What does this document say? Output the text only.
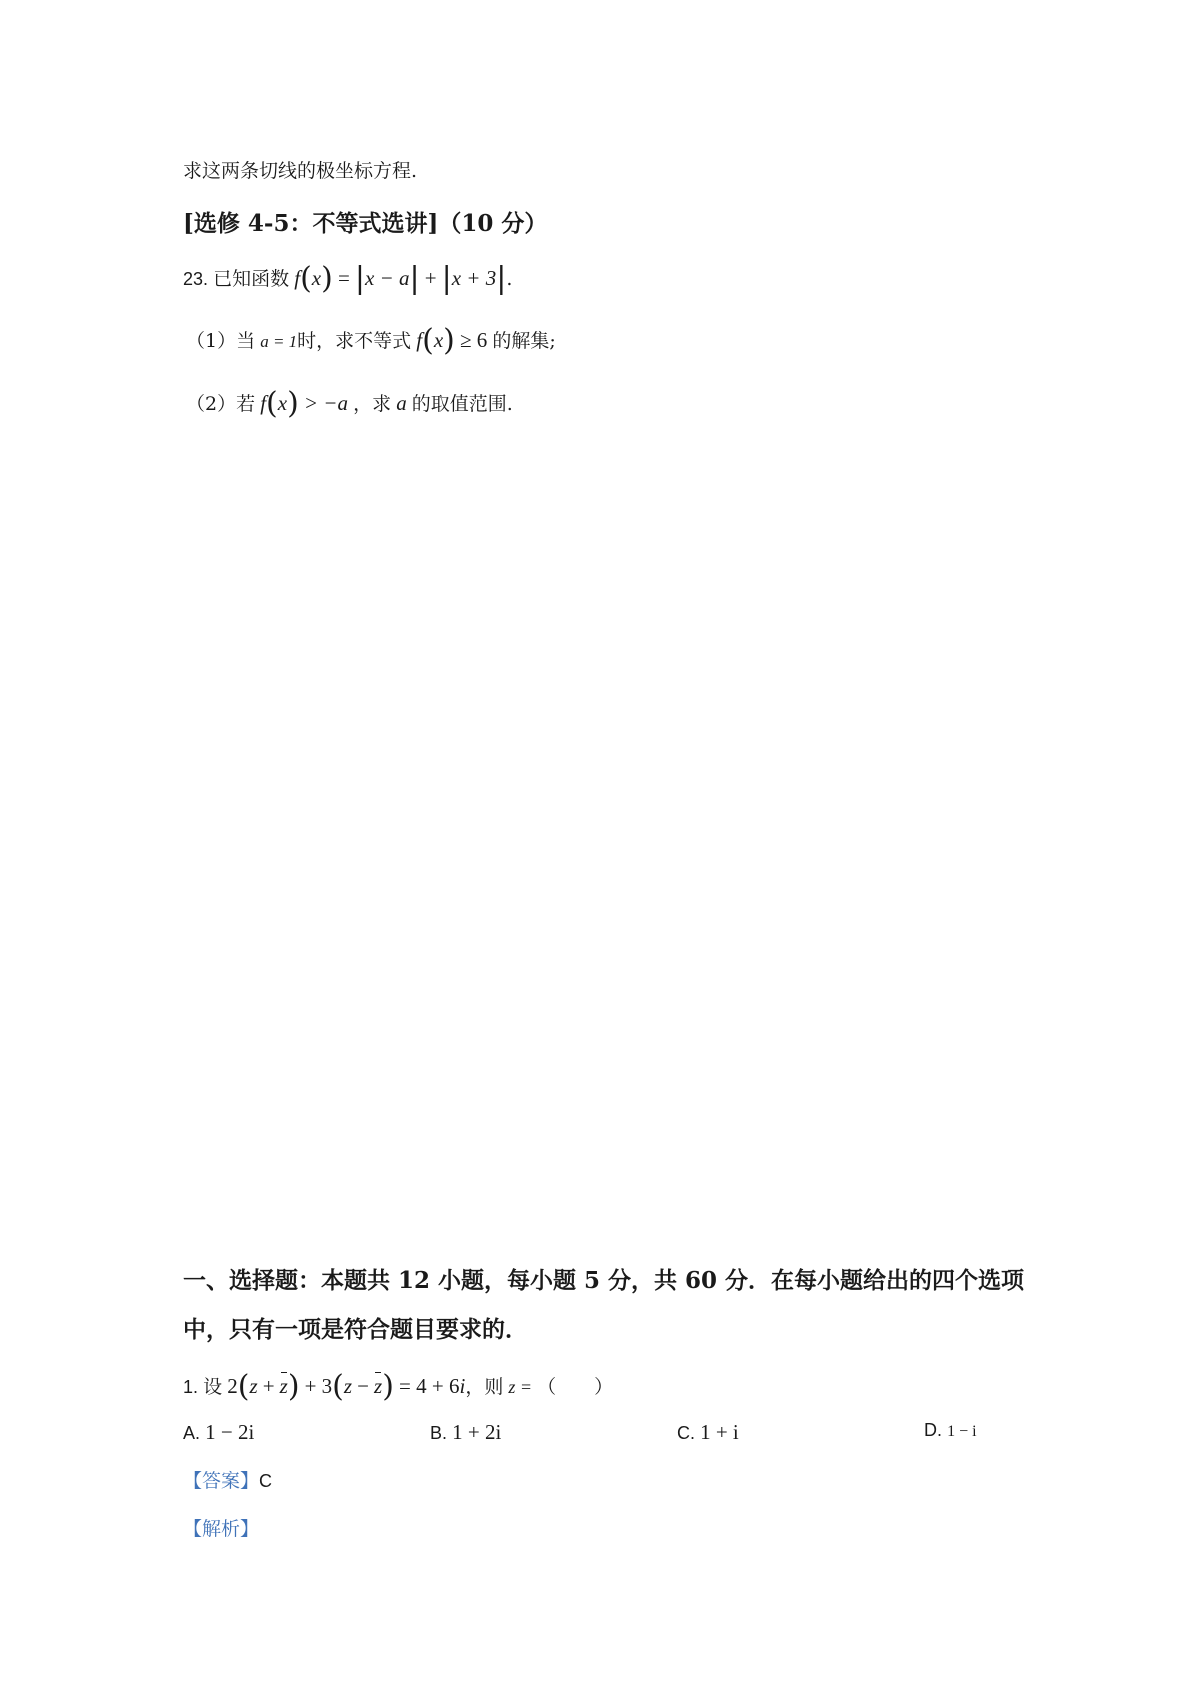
求这两条切线的极坐标方程.
[选修 4-5：不等式选讲]（10 分）
23. 已知函数 f(x) = |x − a| + |x + 3|.
（1）当 a = 1时，求不等式 f(x) ≥ 6 的解集;
（2）若 f(x) > −a ，求 a 的取值范围.
一、选择题：本题共 12 小题，每小题 5 分，共 60 分．在每小题给出的四个选项
中，只有一项是符合题目要求的．
1. 设 2(z + z) + 3(z − z) = 4 + 6i，则 z = （　　）
A. 1 − 2i	B. 1 + 2i	C. 1 + i	D. 1 − i
【答案】C
【解析】
